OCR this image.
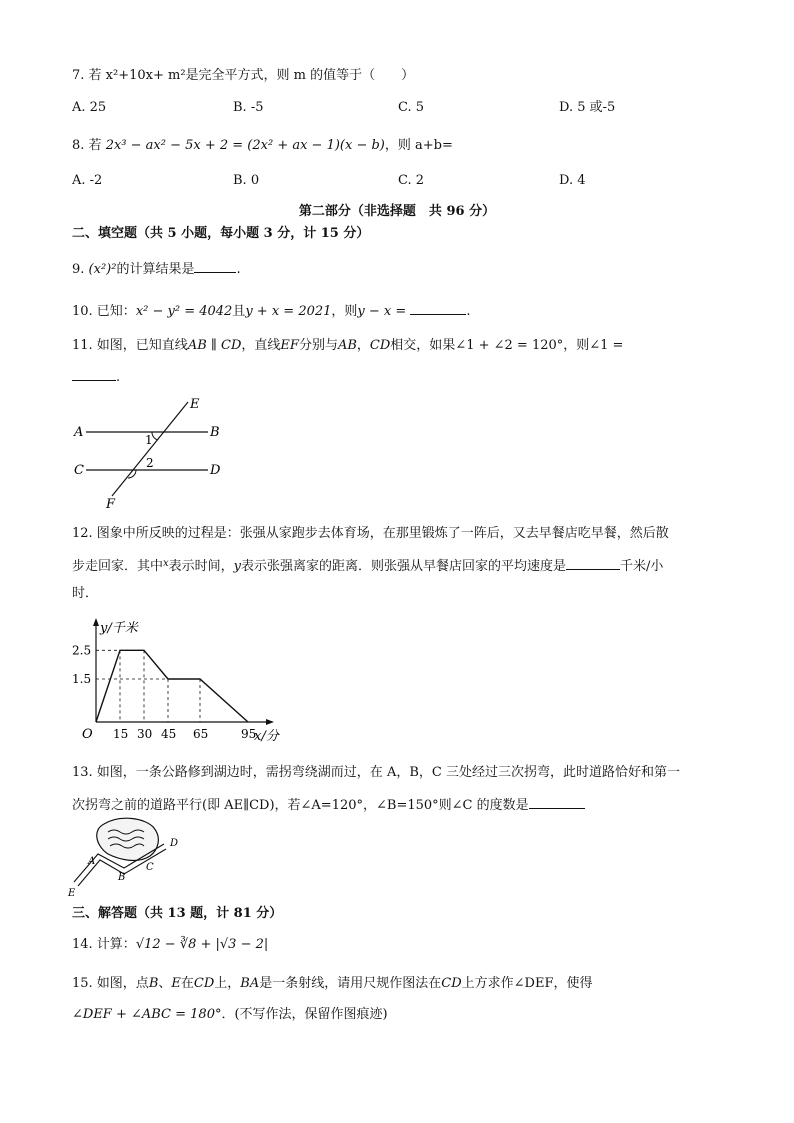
7. 若 x²+10x+ m²是完全平方式，则 m 的值等于（　　）
A. 25	B. -5	C. 5	D. 5 或-5
8. 若 2x³ − ax² − 5x + 2 = (2x² + ax − 1)(x − b)，则 a+b=
A. -2	B. 0	C. 2	D. 4
第二部分（非选择题　共 96 分）
二、填空题（共 5 小题，每小题 3 分，计 15 分）
9. (x²)²的计算结果是	.
10. 已知：x² − y² = 4042且y + x = 2021，则y − x =	.
11. 如图，已知直线AB ∥ CD，直线EF分别与AB，CD相交，如果∠1 + ∠2 = 120°，则∠1 =
.
A	B
C	D
E
F
1
2
12. 图象中所反映的过程是：张强从家跑步去体育场，在那里锻炼了一阵后，又去早餐店吃早餐，然后散
步走回家．其中$^x$表示时间，y表示张强离家的距离．则张强从早餐店回家的平均速度是	千米/小
时．
y/千米
x/分
O
2.5
1.5
15 30 45 65	95
13. 如图，一条公路修到湖边时，需拐弯绕湖而过，在 A，B，C 三处经过三次拐弯，此时道路恰好和第一
次拐弯之前的道路平行(即 AE∥CD)，若∠A=120°，∠B=150°则∠C 的度数是
A
B
C
D
E
三、解答题（共 13 题，计 81 分）
14. 计算：√12 − ∛8 + |√3 − 2|
15. 如图，点B、E在CD上，BA是一条射线，请用尺规作图法在CD上方求作∠DEF，使得
∠DEF + ∠ABC = 180°．(不写作法，保留作图痕迹)
